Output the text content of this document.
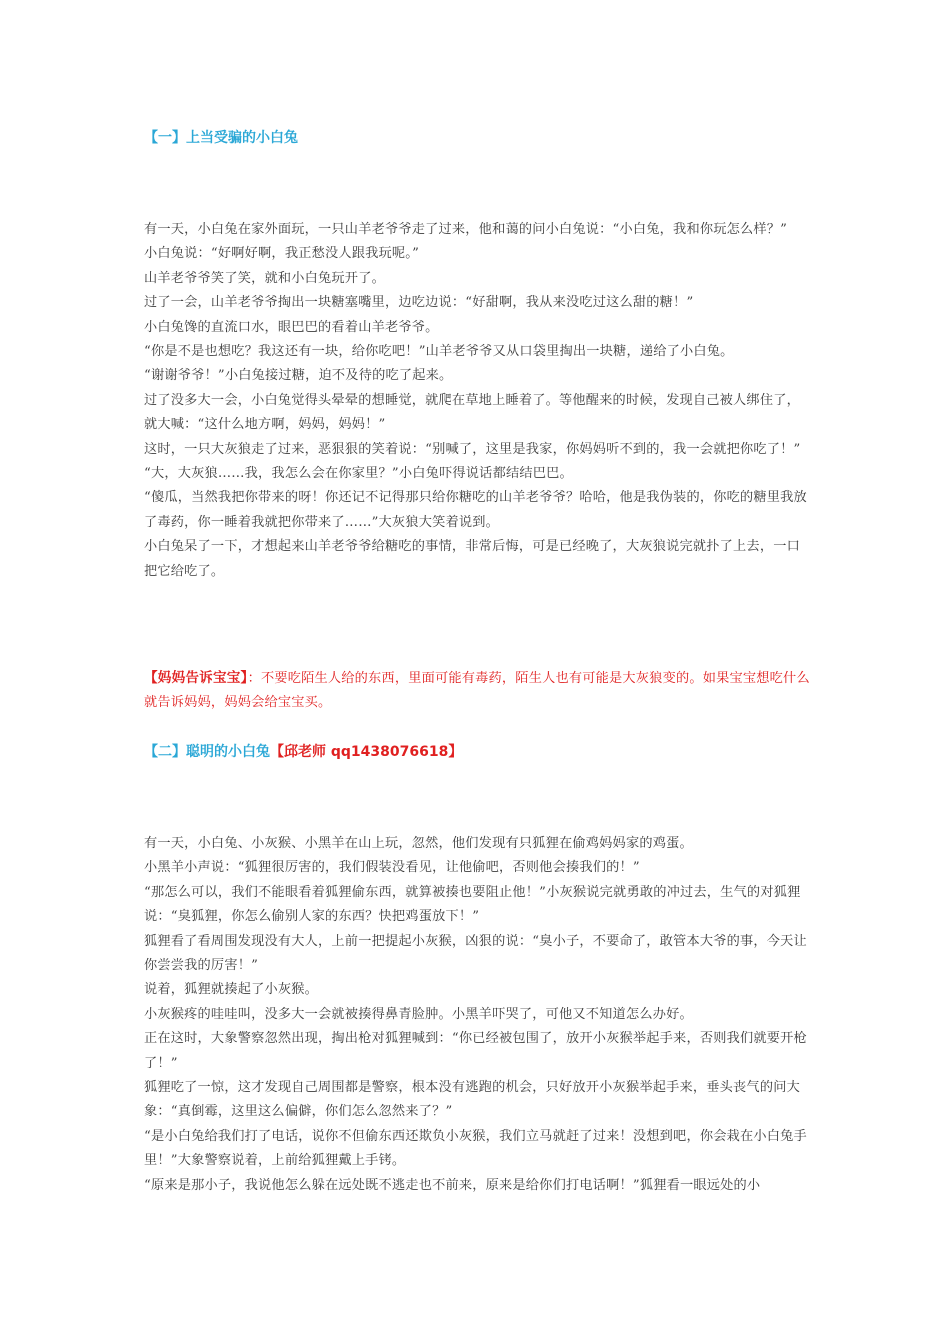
【一】上当受骗的小白兔

有一天，小白兔在家外面玩，一只山羊老爷爷走了过来，他和蔼的问小白兔说：“小白兔，我和你玩怎么样？”

小白兔说：“好啊好啊，我正愁没人跟我玩呢。”

山羊老爷爷笑了笑，就和小白兔玩开了。

过了一会，山羊老爷爷掏出一块糖塞嘴里，边吃边说：“好甜啊，我从来没吃过这么甜的糖！”

小白兔馋的直流口水，眼巴巴的看着山羊老爷爷。

“你是不是也想吃？我这还有一块，给你吃吧！”山羊老爷爷又从口袋里掏出一块糖，递给了小白兔。

“谢谢爷爷！”小白兔接过糖，迫不及待的吃了起来。

过了没多大一会，小白兔觉得头晕晕的想睡觉，就爬在草地上睡着了。等他醒来的时候，发现自己被人绑住了，就大喊：“这什么地方啊，妈妈，妈妈！”

这时，一只大灰狼走了过来，恶狠狠的笑着说：“别喊了，这里是我家，你妈妈听不到的，我一会就把你吃了！”

“大，大灰狼……我，我怎么会在你家里？”小白兔吓得说话都结结巴巴。

“傻瓜，当然我把你带来的呀！你还记不记得那只给你糖吃的山羊老爷爷？哈哈，他是我伪装的，你吃的糖里我放了毒药，你一睡着我就把你带来了……”大灰狼大笑着说到。

小白兔呆了一下，才想起来山羊老爷爷给糖吃的事情，非常后悔，可是已经晚了，大灰狼说完就扑了上去，一口把它给吃了。

【妈妈告诉宝宝】：不要吃陌生人给的东西，里面可能有毒药，陌生人也有可能是大灰狼变的。如果宝宝想吃什么就告诉妈妈，妈妈会给宝宝买。
【二】聪明的小白兔【邱老师 qq1438076618】

有一天，小白兔、小灰猴、小黑羊在山上玩，忽然，他们发现有只狐狸在偷鸡妈妈家的鸡蛋。

小黑羊小声说：“狐狸很厉害的，我们假装没看见，让他偷吧，否则他会揍我们的！”

“那怎么可以，我们不能眼看着狐狸偷东西，就算被揍也要阻止他！”小灰猴说完就勇敢的冲过去，生气的对狐狸说：“臭狐狸，你怎么偷别人家的东西？快把鸡蛋放下！”

狐狸看了看周围发现没有大人，上前一把提起小灰猴，凶狠的说：“臭小子，不要命了，敢管本大爷的事，今天让你尝尝我的厉害！”

说着，狐狸就揍起了小灰猴。

小灰猴疼的哇哇叫，没多大一会就被揍得鼻青脸肿。小黑羊吓哭了，可他又不知道怎么办好。

正在这时，大象警察忽然出现，掏出枪对狐狸喊到：“你已经被包围了，放开小灰猴举起手来，否则我们就要开枪了！”

狐狸吃了一惊，这才发现自己周围都是警察，根本没有逃跑的机会，只好放开小灰猴举起手来，垂头丧气的问大象：“真倒霉，这里这么偏僻，你们怎么忽然来了？”

“是小白兔给我们打了电话，说你不但偷东西还欺负小灰猴，我们立马就赶了过来！没想到吧，你会栽在小白兔手里！”大象警察说着，上前给狐狸戴上手铐。

“原来是那小子，我说他怎么躲在远处既不逃走也不前来，原来是给你们打电话啊！”狐狸看一眼远处的小
